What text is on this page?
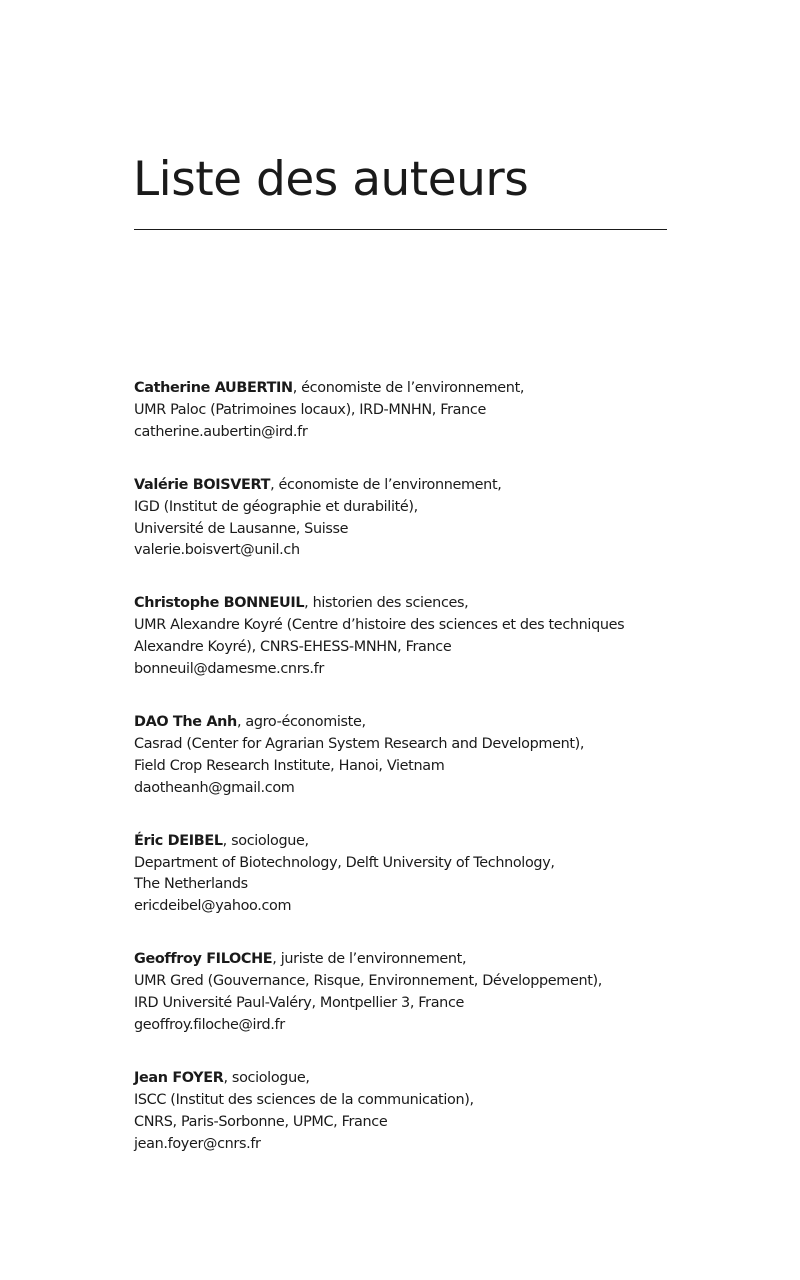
Liste des auteurs
Catherine AUBERTIN, économiste de l’environnement,
UMR Paloc (Patrimoines locaux), IRD-MNHN, France
catherine.aubertin@ird.fr
Valérie BOISVERT, économiste de l’environnement,
IGD (Institut de géographie et durabilité),
Université de Lausanne, Suisse
valerie.boisvert@unil.ch
Christophe BONNEUIL, historien des sciences,
UMR Alexandre Koyré (Centre d’histoire des sciences et des techniques
Alexandre Koyré), CNRS-EHESS-MNHN, France
bonneuil@damesme.cnrs.fr
DAO The Anh, agro-économiste,
Casrad (Center for Agrarian System Research and Development),
Field Crop Research Institute, Hanoi, Vietnam
daotheanh@gmail.com
Éric DEIBEL, sociologue,
Department of Biotechnology, Delft University of Technology,
The Netherlands
ericdeibel@yahoo.com
Geoffroy FILOCHE, juriste de l’environnement,
UMR Gred (Gouvernance, Risque, Environnement, Développement),
IRD Université Paul-Valéry, Montpellier 3, France
geoffroy.filoche@ird.fr
Jean FOYER, sociologue,
ISCC (Institut des sciences de la communication),
CNRS, Paris-Sorbonne, UPMC, France
jean.foyer@cnrs.fr
